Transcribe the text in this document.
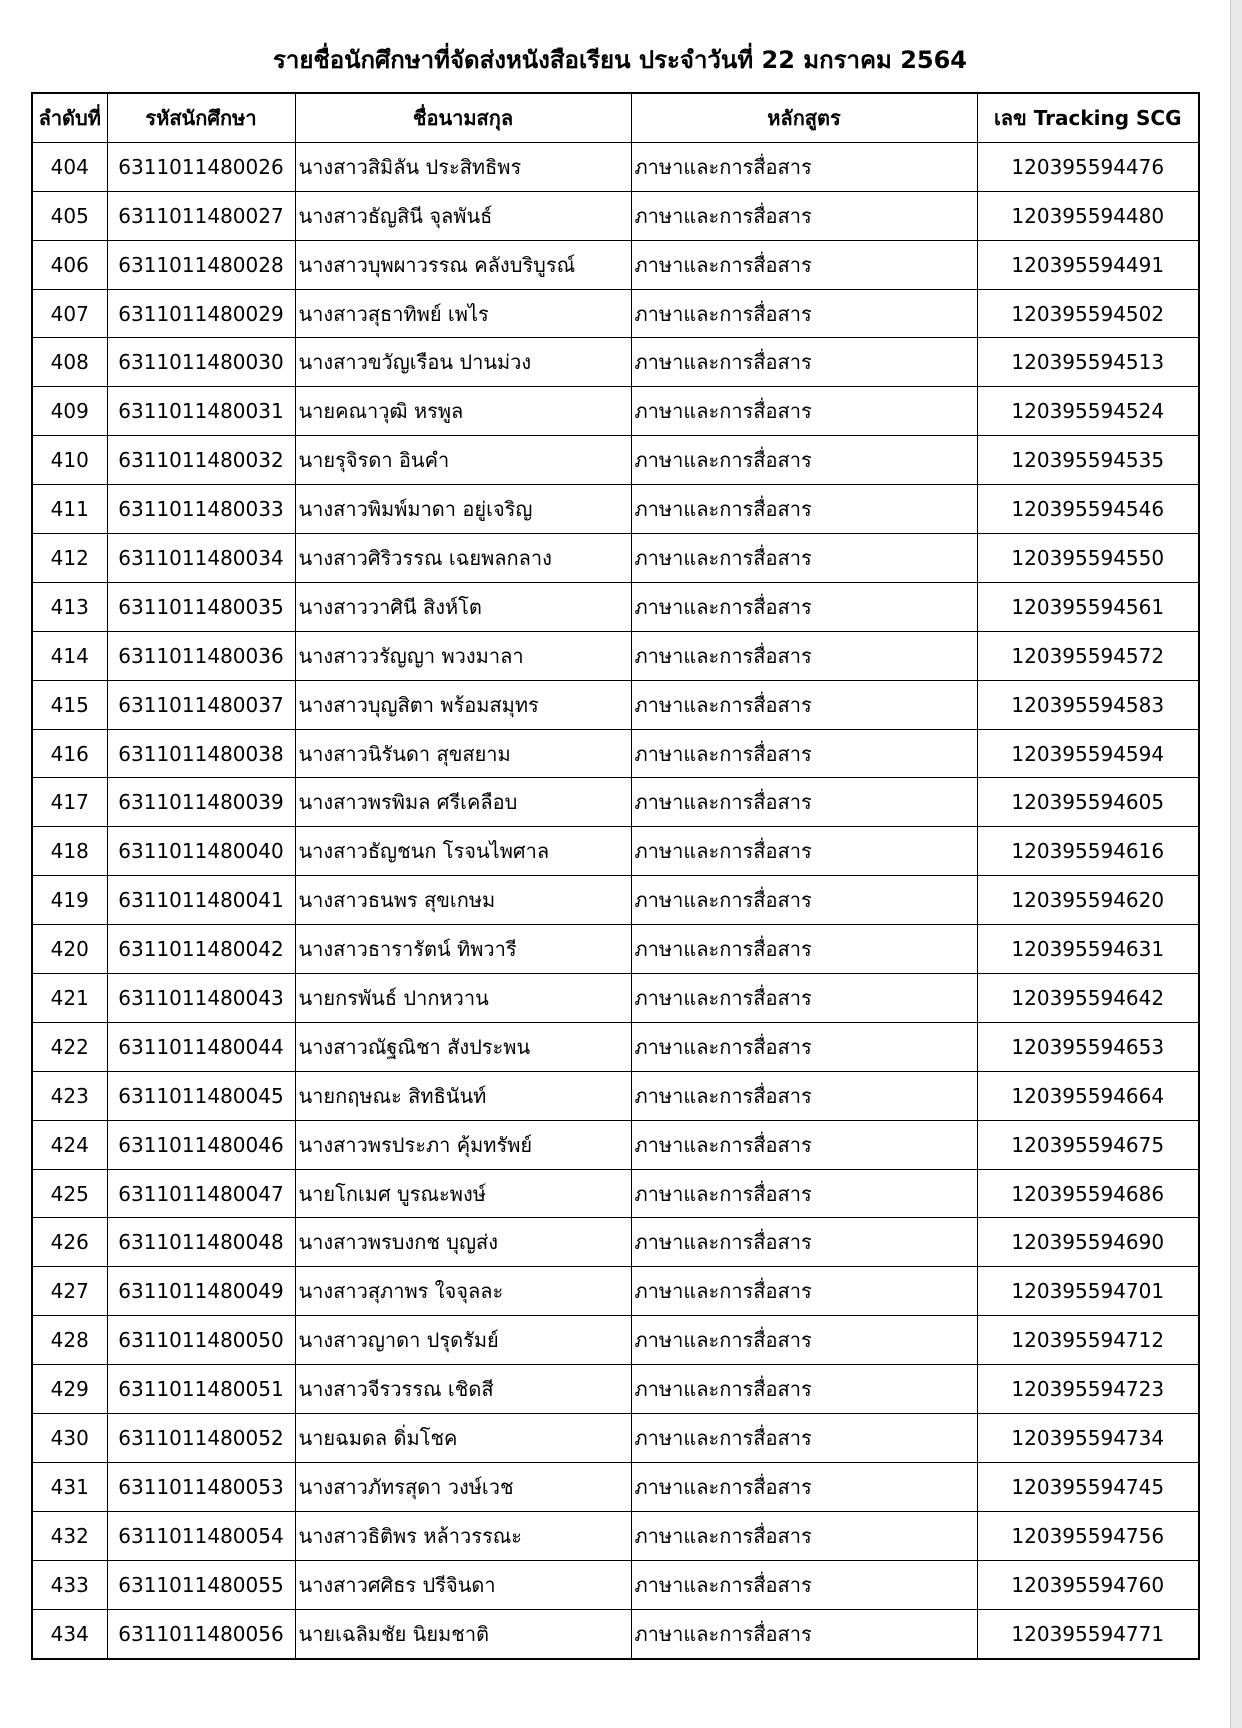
รายชื่อนักศึกษาที่จัดส่งหนังสือเรียน ประจำวันที่ 22 มกราคม 2564
ลำดับที่	รหัสนักศึกษา	ชื่อนามสกุล	หลักสูตร	เลข Tracking SCG
404	6311011480026	นางสาวสิมิลัน ประสิทธิพร	ภาษาและการสื่อสาร	120395594476
405	6311011480027	นางสาวธัญสินี จุลพันธ์	ภาษาและการสื่อสาร	120395594480
406	6311011480028	นางสาวบุพผาวรรณ คลังบริบูรณ์	ภาษาและการสื่อสาร	120395594491
407	6311011480029	นางสาวสุธาทิพย์ เพไร	ภาษาและการสื่อสาร	120395594502
408	6311011480030	นางสาวขวัญเรือน ปานม่วง	ภาษาและการสื่อสาร	120395594513
409	6311011480031	นายคณาวุฒิ หรพูล	ภาษาและการสื่อสาร	120395594524
410	6311011480032	นายรุจิรดา อินคำ	ภาษาและการสื่อสาร	120395594535
411	6311011480033	นางสาวพิมพ์มาดา อยู่เจริญ	ภาษาและการสื่อสาร	120395594546
412	6311011480034	นางสาวศิริวรรณ เฉยพลกลาง	ภาษาและการสื่อสาร	120395594550
413	6311011480035	นางสาววาศินี สิงห์โต	ภาษาและการสื่อสาร	120395594561
414	6311011480036	นางสาววรัญญา พวงมาลา	ภาษาและการสื่อสาร	120395594572
415	6311011480037	นางสาวบุญสิตา พร้อมสมุทร	ภาษาและการสื่อสาร	120395594583
416	6311011480038	นางสาวนิรันดา สุขสยาม	ภาษาและการสื่อสาร	120395594594
417	6311011480039	นางสาวพรพิมล ศรีเคลือบ	ภาษาและการสื่อสาร	120395594605
418	6311011480040	นางสาวธัญชนก โรจนไพศาล	ภาษาและการสื่อสาร	120395594616
419	6311011480041	นางสาวธนพร สุขเกษม	ภาษาและการสื่อสาร	120395594620
420	6311011480042	นางสาวธารารัตน์ ทิพวารี	ภาษาและการสื่อสาร	120395594631
421	6311011480043	นายกรพันธ์ ปากหวาน	ภาษาและการสื่อสาร	120395594642
422	6311011480044	นางสาวณัฐณิชา สังประพน	ภาษาและการสื่อสาร	120395594653
423	6311011480045	นายกฤษณะ สิทธินันท์	ภาษาและการสื่อสาร	120395594664
424	6311011480046	นางสาวพรประภา คุ้มทรัพย์	ภาษาและการสื่อสาร	120395594675
425	6311011480047	นายโกเมศ บูรณะพงษ์	ภาษาและการสื่อสาร	120395594686
426	6311011480048	นางสาวพรบงกช บุญส่ง	ภาษาและการสื่อสาร	120395594690
427	6311011480049	นางสาวสุภาพร ใจจุลละ	ภาษาและการสื่อสาร	120395594701
428	6311011480050	นางสาวญาดา ปรุดรัมย์	ภาษาและการสื่อสาร	120395594712
429	6311011480051	นางสาวจีรวรรณ เชิดสี	ภาษาและการสื่อสาร	120395594723
430	6311011480052	นายฉมดล ดิ่มโชค	ภาษาและการสื่อสาร	120395594734
431	6311011480053	นางสาวภัทรสุดา วงษ์เวช	ภาษาและการสื่อสาร	120395594745
432	6311011480054	นางสาวธิติพร หล้าวรรณะ	ภาษาและการสื่อสาร	120395594756
433	6311011480055	นางสาวศศิธร ปรีจินดา	ภาษาและการสื่อสาร	120395594760
434	6311011480056	นายเฉลิมชัย นิยมชาติ	ภาษาและการสื่อสาร	120395594771
